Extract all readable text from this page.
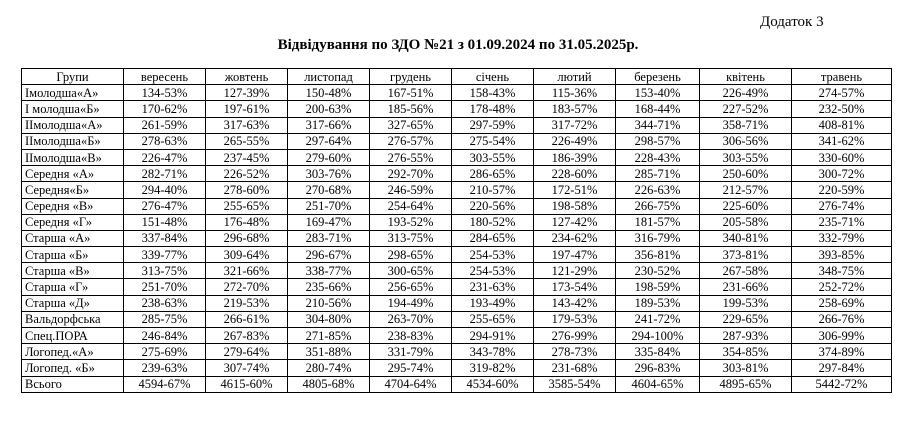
Додаток 3
Відвідування по ЗДО №21 з 01.09.2024 по 31.05.2025р.
Групи	вересень	жовтень	листопад	грудень	січень	лютий	березень	квітень	травень
Імолодша«А»	134-53%	127-39%	150-48%	167-51%	158-43%	115-36%	153-40%	226-49%	274-57%
І молодша«Б»	170-62%	197-61%	200-63%	185-56%	178-48%	183-57%	168-44%	227-52%	232-50%
ІІмолодша«А»	261-59%	317-63%	317-66%	327-65%	297-59%	317-72%	344-71%	358-71%	408-81%
ІІмолодша«Б»	278-63%	265-55%	297-64%	276-57%	275-54%	226-49%	298-57%	306-56%	341-62%
ІІмолодша«В»	226-47%	237-45%	279-60%	276-55%	303-55%	186-39%	228-43%	303-55%	330-60%
Середня «А»	282-71%	226-52%	303-76%	292-70%	286-65%	228-60%	285-71%	250-60%	300-72%
Середня«Б»	294-40%	278-60%	270-68%	246-59%	210-57%	172-51%	226-63%	212-57%	220-59%
Середня «В»	276-47%	255-65%	251-70%	254-64%	220-56%	198-58%	266-75%	225-60%	276-74%
Середня «Г»	151-48%	176-48%	169-47%	193-52%	180-52%	127-42%	181-57%	205-58%	235-71%
Старша «А»	337-84%	296-68%	283-71%	313-75%	284-65%	234-62%	316-79%	340-81%	332-79%
Старша «Б»	339-77%	309-64%	296-67%	298-65%	254-53%	197-47%	356-81%	373-81%	393-85%
Старша «В»	313-75%	321-66%	338-77%	300-65%	254-53%	121-29%	230-52%	267-58%	348-75%
Старша «Г»	251-70%	272-70%	235-66%	256-65%	231-63%	173-54%	198-59%	231-66%	252-72%
Старша «Д»	238-63%	219-53%	210-56%	194-49%	193-49%	143-42%	189-53%	199-53%	258-69%
Вальдорфська	285-75%	266-61%	304-80%	263-70%	255-65%	179-53%	241-72%	229-65%	266-76%
Спец.ПОРА	246-84%	267-83%	271-85%	238-83%	294-91%	276-99%	294-100%	287-93%	306-99%
Логопед.«А»	275-69%	279-64%	351-88%	331-79%	343-78%	278-73%	335-84%	354-85%	374-89%
Логопед. «Б»	239-63%	307-74%	280-74%	295-74%	319-82%	231-68%	296-83%	303-81%	297-84%
Всього	4594-67%	4615-60%	4805-68%	4704-64%	4534-60%	3585-54%	4604-65%	4895-65%	5442-72%
